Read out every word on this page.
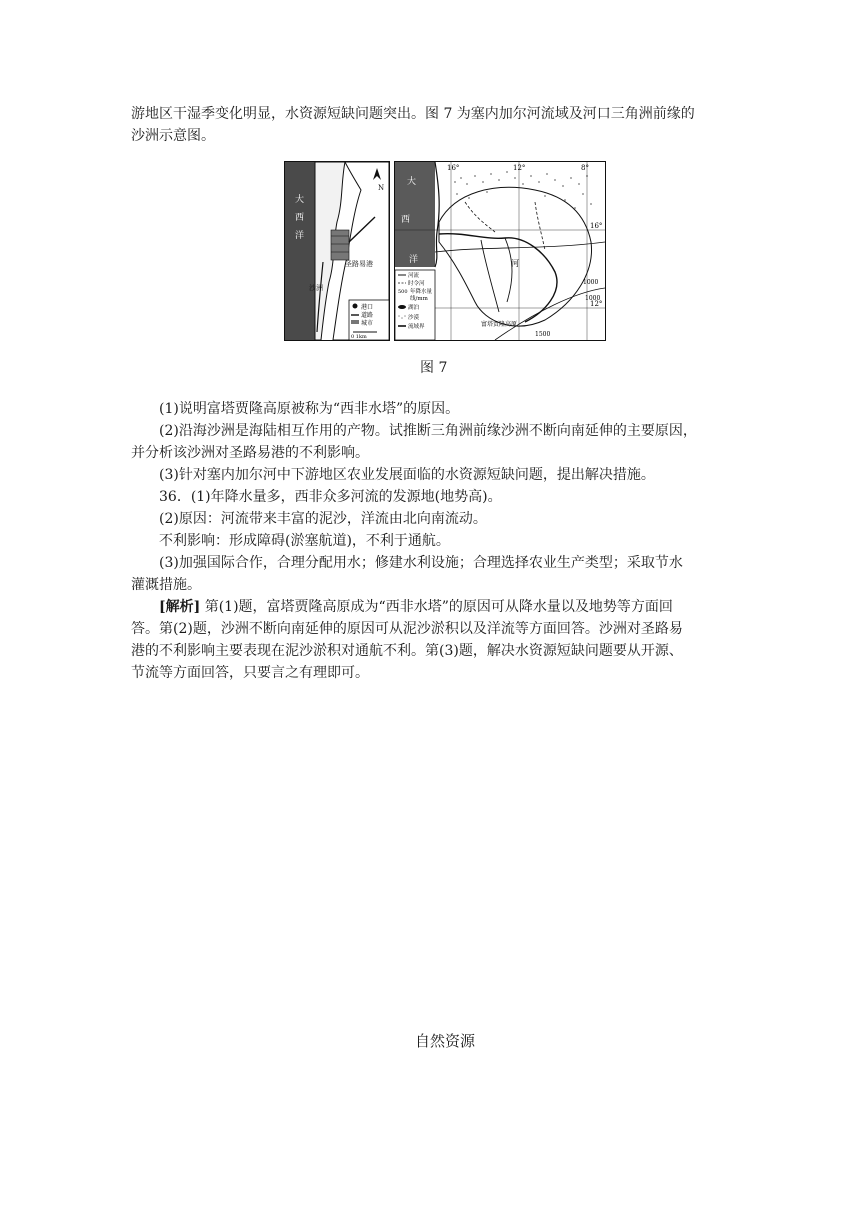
游地区干湿季变化明显，水资源短缺问题突出。图 7 为塞内加尔河流域及河口三角洲前缘的
沙洲示意图。
大
西
洋
N
圣路易港
沙洲
港口
道路
城市
0 1km
16°	12°	8°
16°
12°
大
西
洋	河
1000
1000
1500
富塔贾隆高原
河流
时令河
500 年降水量
线/mm
湖泊
沙漠
流域界
图 7
(1)说明富塔贾隆高原被称为“西非水塔”的原因。
(2)沿海沙洲是海陆相互作用的产物。试推断三角洲前缘沙洲不断向南延伸的主要原因，
并分析该沙洲对圣路易港的不利影响。
(3)针对塞内加尔河中下游地区农业发展面临的水资源短缺问题，提出解决措施。
36．(1)年降水量多，西非众多河流的发源地(地势高)。
(2)原因：河流带来丰富的泥沙，洋流由北向南流动。
不利影响：形成障碍(淤塞航道)，不利于通航。
(3)加强国际合作，合理分配用水；修建水利设施；合理选择农业生产类型；采取节水
灌溉措施。
[解析] 第(1)题，富塔贾隆高原成为“西非水塔”的原因可从降水量以及地势等方面回
答。第(2)题，沙洲不断向南延伸的原因可从泥沙淤积以及洋流等方面回答。沙洲对圣路易
港的不利影响主要表现在泥沙淤积对通航不利。第(3)题，解决水资源短缺问题要从开源、
节流等方面回答，只要言之有理即可。
自然资源
